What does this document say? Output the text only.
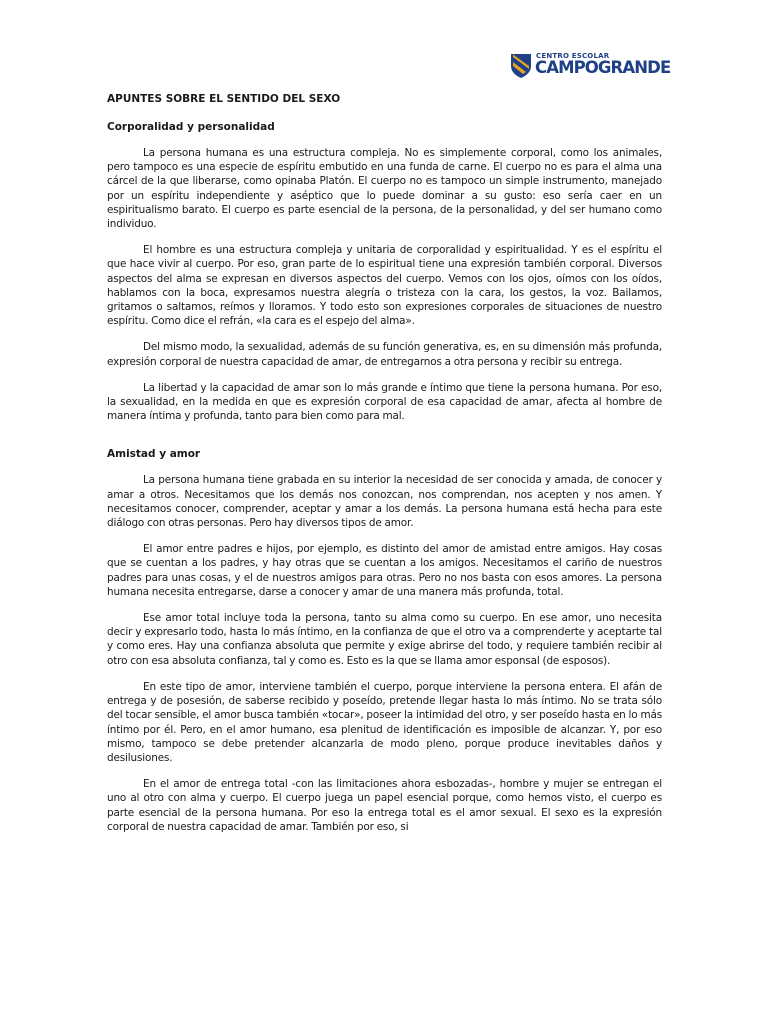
CENTRO ESCOLAR
CAMPOGRANDE
APUNTES SOBRE EL SENTIDO DEL SEXO
Corporalidad y personalidad

La persona humana es una estructura compleja. No es simplemente corporal, como los animales, pero tampoco es una especie de espíritu embutido en una funda de carne. El cuerpo no es para el alma una cárcel de la que liberarse, como opinaba Platón. El cuerpo no es tampoco un simple instrumento, manejado por un espíritu independiente y aséptico que lo puede dominar a su gusto: eso sería caer en un espiritualismo barato. El cuerpo es parte esencial de la persona, de la personalidad, y del ser humano como individuo.

El hombre es una estructura compleja y unitaria de corporalidad y espiritualidad. Y es el espíritu el que hace vivir al cuerpo. Por eso, gran parte de lo espiritual tiene una expresión también corporal. Diversos aspectos del alma se expresan en diversos aspectos del cuerpo. Vemos con los ojos, oímos con los oídos, hablamos con la boca, expresamos nuestra alegría o tristeza con la cara, los gestos, la voz. Bailamos, gritamos o saltamos, reímos y lloramos. Y todo esto son expresiones corporales de situaciones de nuestro espíritu. Como dice el refrán, «la cara es el espejo del alma».

Del mismo modo, la sexualidad, además de su función generativa, es, en su dimensión más profunda, expresión corporal de nuestra capacidad de amar, de entregarnos a otra persona y recibir su entrega.

La libertad y la capacidad de amar son lo más grande e íntimo que tiene la persona humana. Por eso, la sexualidad, en la medida en que es expresión corporal de esa capacidad de amar, afecta al hombre de manera íntima y profunda, tanto para bien como para mal.

Amistad y amor

La persona humana tiene grabada en su interior la necesidad de ser conocida y amada, de conocer y amar a otros. Necesitamos que los demás nos conozcan, nos comprendan, nos acepten y nos amen. Y necesitamos conocer, comprender, aceptar y amar a los demás. La persona humana está hecha para este diálogo con otras personas. Pero hay diversos tipos de amor.

El amor entre padres e hijos, por ejemplo, es distinto del amor de amistad entre amigos. Hay cosas que se cuentan a los padres, y hay otras que se cuentan a los amigos. Necesitamos el cariño de nuestros padres para unas cosas, y el de nuestros amigos para otras. Pero no nos basta con esos amores. La persona humana necesita entregarse, darse a conocer y amar de una manera más profunda, total.

Ese amor total incluye toda la persona, tanto su alma como su cuerpo. En ese amor, uno necesita decir y expresarlo todo, hasta lo más íntimo, en la confianza de que el otro va a comprenderte y aceptarte tal y como eres. Hay una confianza absoluta que permite y exige abrirse del todo, y requiere también recibir al otro con esa absoluta confianza, tal y como es. Esto es la que se llama amor esponsal (de esposos).

En este tipo de amor, interviene también el cuerpo, porque interviene la persona entera. El afán de entrega y de posesión, de saberse recibido y poseído, pretende llegar hasta lo más íntimo. No se trata sólo del tocar sensible, el amor busca también «tocar», poseer la intimidad del otro, y ser poseído hasta en lo más íntimo por él. Pero, en el amor humano, esa plenitud de identificación es imposible de alcanzar. Y, por eso mismo, tampoco se debe pretender alcanzarla de modo pleno, porque produce inevitables daños y desilusiones.

En el amor de entrega total -con las limitaciones ahora esbozadas-, hombre y mujer se entregan el uno al otro con alma y cuerpo. El cuerpo juega un papel esencial porque, como hemos visto, el cuerpo es parte esencial de la persona humana. Por eso la entrega total es el amor sexual. El sexo es la expresión corporal de nuestra capacidad de amar. También por eso, si
